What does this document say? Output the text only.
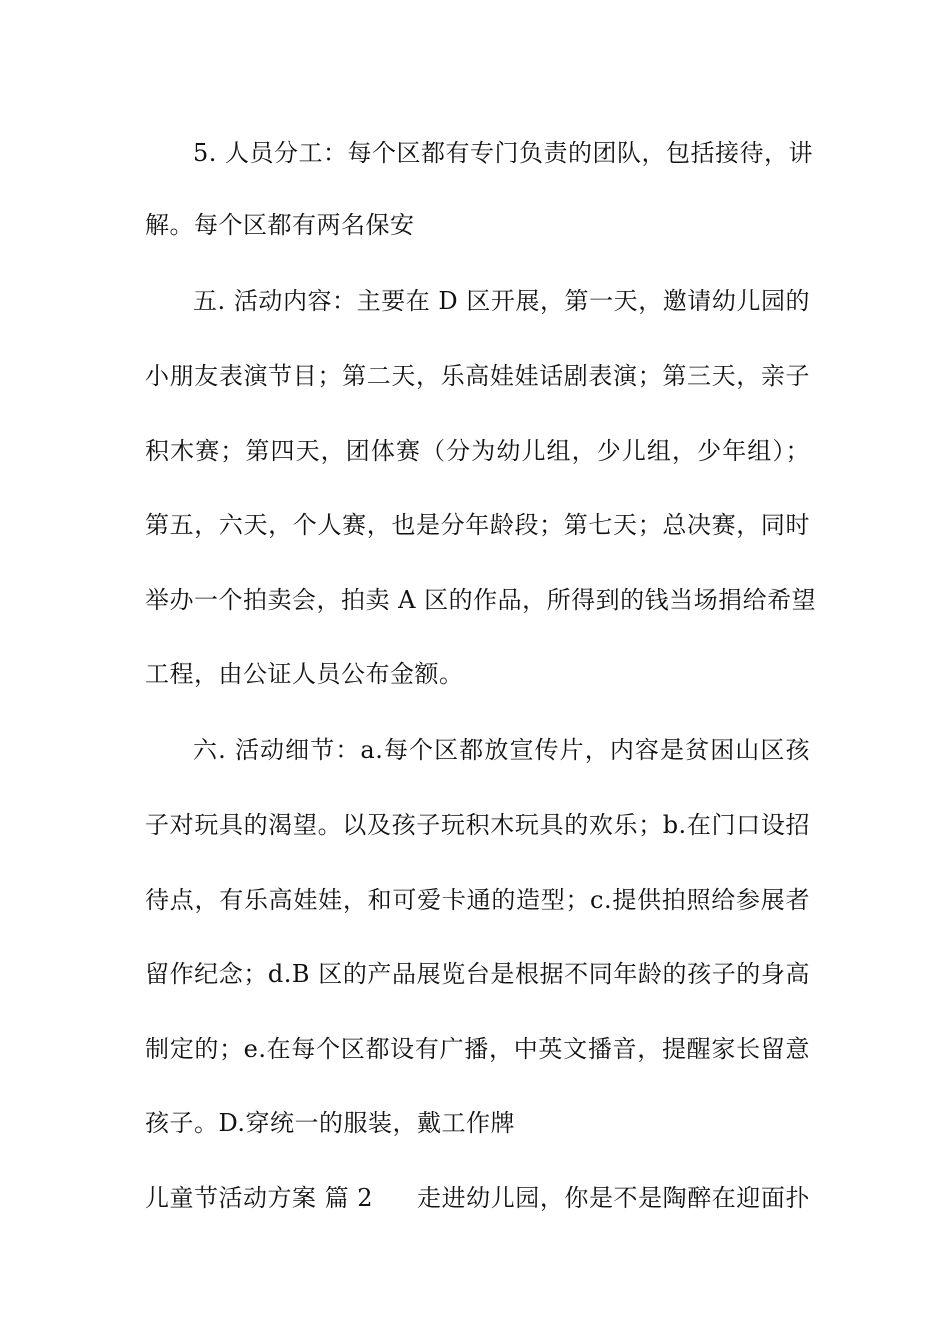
5. 人员分工：每个区都有专门负责的团队，包括接待，讲
解。每个区都有两名保安
五. 活动内容：主要在 D 区开展，第一天，邀请幼儿园的
小朋友表演节目；第二天，乐高娃娃话剧表演；第三天，亲子
积木赛；第四天，团体赛（分为幼儿组，少儿组，少年组）；
第五，六天，个人赛，也是分年龄段；第七天；总决赛，同时
举办一个拍卖会，拍卖 A 区的作品，所得到的钱当场捐给希望
工程，由公证人员公布金额。
六. 活动细节：a.每个区都放宣传片，内容是贫困山区孩
子对玩具的渴望。以及孩子玩积木玩具的欢乐；b.在门口设招
待点，有乐高娃娃，和可爱卡通的造型；c.提供拍照给参展者
留作纪念；d.B 区的产品展览台是根据不同年龄的孩子的身高
制定的；e.在每个区都设有广播，中英文播音，提醒家长留意
孩子。D.穿统一的服装，戴工作牌
儿童节活动方案 篇 2 走进幼儿园，你是不是陶醉在迎面扑
